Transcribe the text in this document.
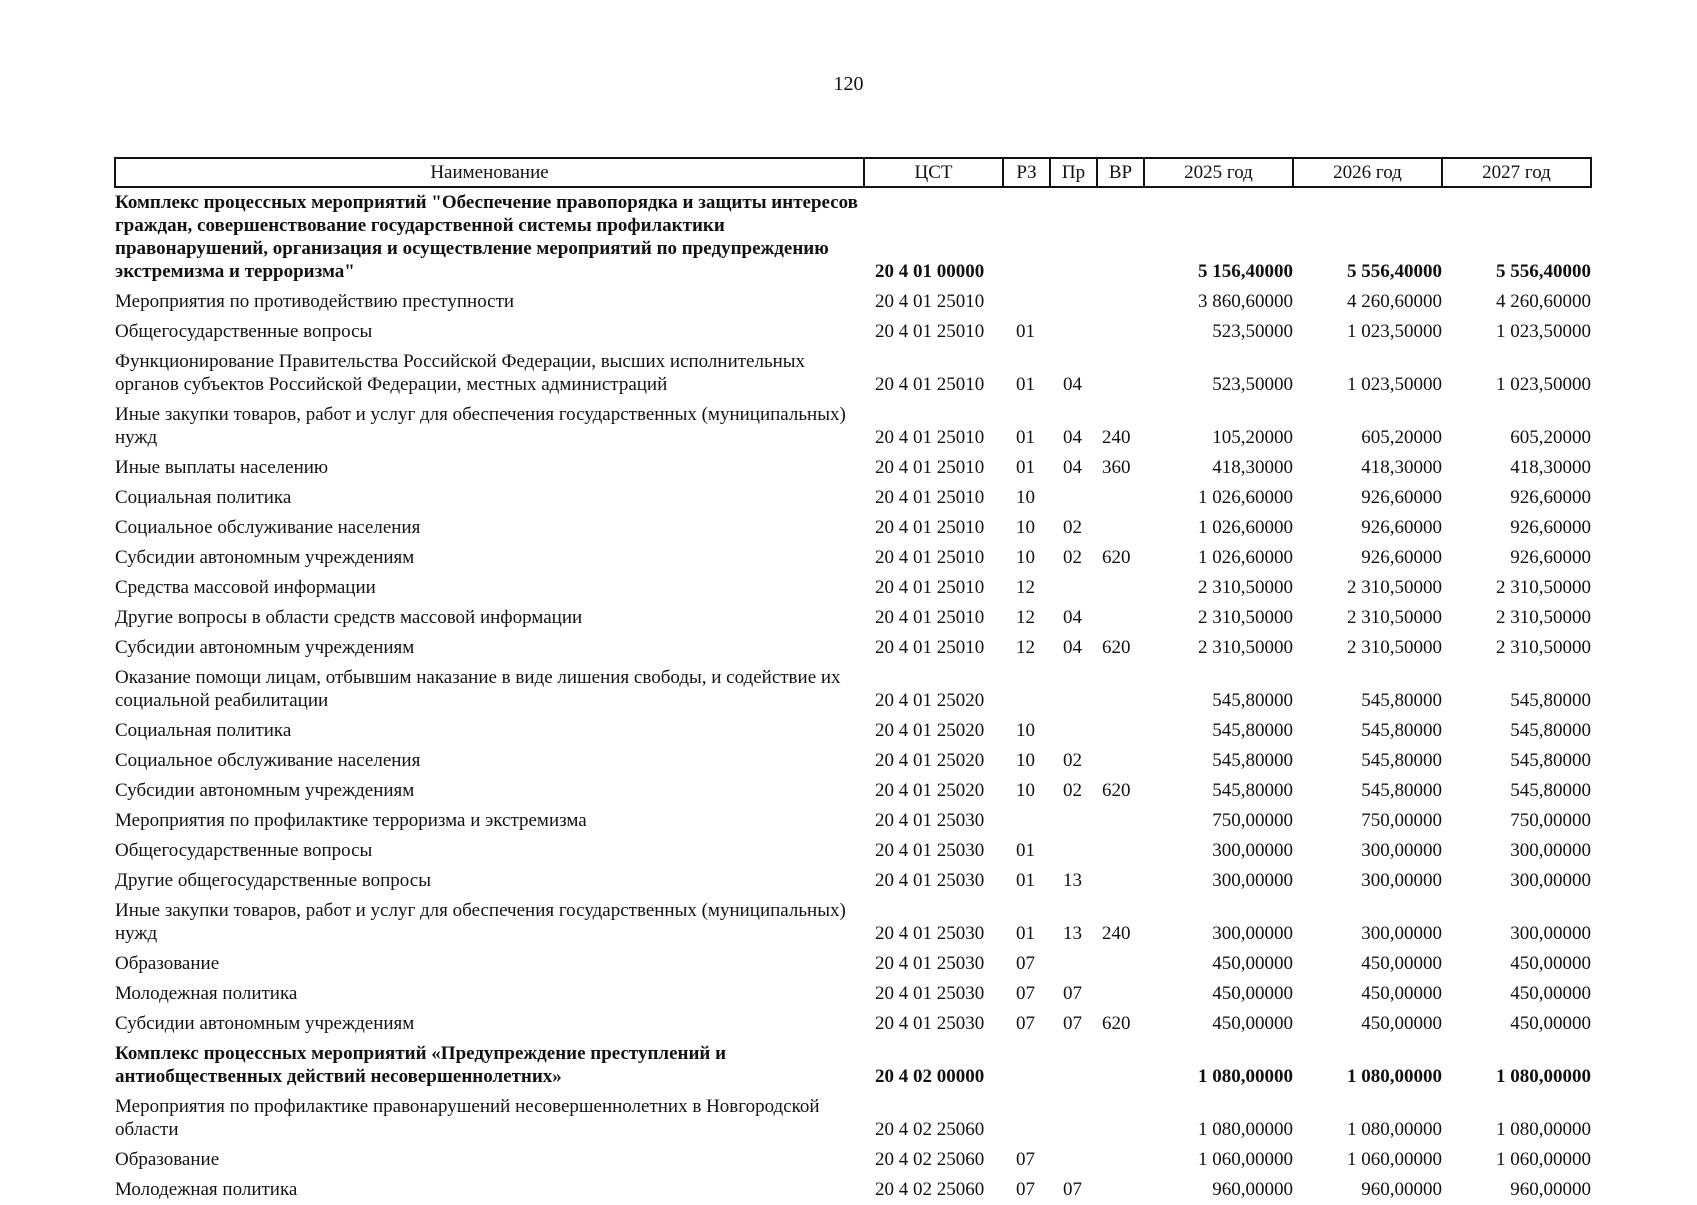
120
Наименование	ЦСТ	РЗ	Пр	ВР	2025 год	2026 год	2027 год
Комплекс процессных мероприятий "Обеспечение правопорядка и защиты интересов граждан, совершенствование государственной системы профилактики правонарушений, организация и осуществление мероприятий по предупреждению экстремизма и терроризма"	20 4 01 00000				5 156,40000	5 556,40000	5 556,40000
Мероприятия по противодействию преступности	20 4 01 25010				3 860,60000	4 260,60000	4 260,60000
Общегосударственные вопросы	20 4 01 25010	01			523,50000	1 023,50000	1 023,50000
Функционирование Правительства Российской Федерации, высших исполнительных органов субъектов Российской Федерации, местных администраций	20 4 01 25010	01	04		523,50000	1 023,50000	1 023,50000
Иные закупки товаров, работ и услуг для обеспечения государственных (муниципальных) нужд	20 4 01 25010	01	04	240	105,20000	605,20000	605,20000
Иные выплаты населению	20 4 01 25010	01	04	360	418,30000	418,30000	418,30000
Социальная политика	20 4 01 25010	10			1 026,60000	926,60000	926,60000
Социальное обслуживание населения	20 4 01 25010	10	02		1 026,60000	926,60000	926,60000
Субсидии автономным учреждениям	20 4 01 25010	10	02	620	1 026,60000	926,60000	926,60000
Средства массовой информации	20 4 01 25010	12			2 310,50000	2 310,50000	2 310,50000
Другие вопросы в области средств массовой информации	20 4 01 25010	12	04		2 310,50000	2 310,50000	2 310,50000
Субсидии автономным учреждениям	20 4 01 25010	12	04	620	2 310,50000	2 310,50000	2 310,50000
Оказание помощи лицам, отбывшим наказание в виде лишения свободы, и содействие их социальной реабилитации	20 4 01 25020				545,80000	545,80000	545,80000
Социальная политика	20 4 01 25020	10			545,80000	545,80000	545,80000
Социальное обслуживание населения	20 4 01 25020	10	02		545,80000	545,80000	545,80000
Субсидии автономным учреждениям	20 4 01 25020	10	02	620	545,80000	545,80000	545,80000
Мероприятия по профилактике терроризма и экстремизма	20 4 01 25030				750,00000	750,00000	750,00000
Общегосударственные вопросы	20 4 01 25030	01			300,00000	300,00000	300,00000
Другие общегосударственные вопросы	20 4 01 25030	01	13		300,00000	300,00000	300,00000
Иные закупки товаров, работ и услуг для обеспечения государственных (муниципальных) нужд	20 4 01 25030	01	13	240	300,00000	300,00000	300,00000
Образование	20 4 01 25030	07			450,00000	450,00000	450,00000
Молодежная политика	20 4 01 25030	07	07		450,00000	450,00000	450,00000
Субсидии автономным учреждениям	20 4 01 25030	07	07	620	450,00000	450,00000	450,00000
Комплекс процессных мероприятий «Предупреждение преступлений и антиобщественных действий несовершеннолетних»	20 4 02 00000				1 080,00000	1 080,00000	1 080,00000
Мероприятия по профилактике правонарушений несовершеннолетних в Новгородской области	20 4 02 25060				1 080,00000	1 080,00000	1 080,00000
Образование	20 4 02 25060	07			1 060,00000	1 060,00000	1 060,00000
Молодежная политика	20 4 02 25060	07	07		960,00000	960,00000	960,00000
